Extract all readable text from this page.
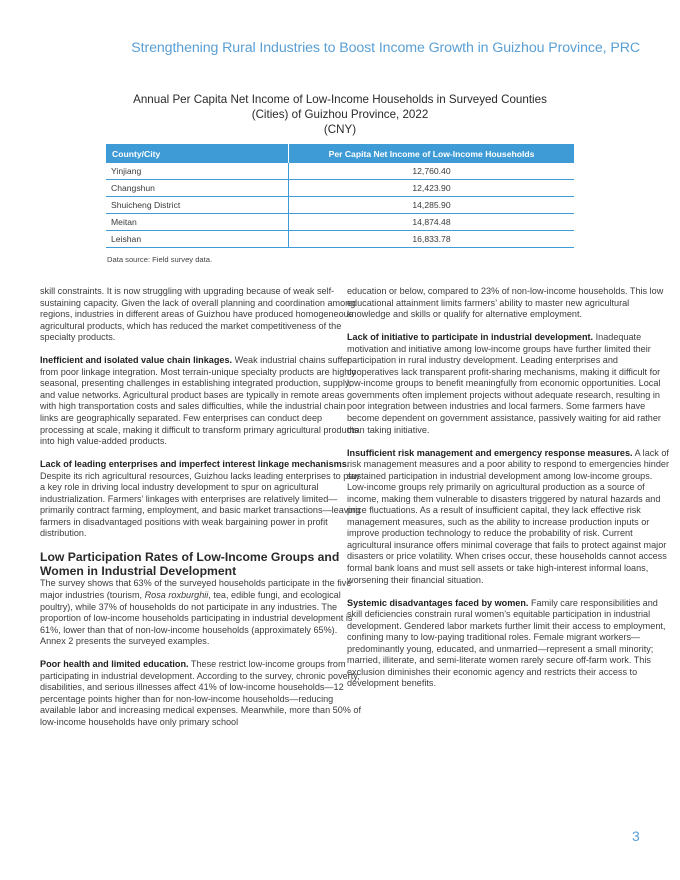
Strengthening Rural Industries to Boost Income Growth in Guizhou Province, PRC
Annual Per Capita Net Income of Low-Income Households in Surveyed Counties
(Cities) of Guizhou Province, 2022
(CNY)
County/City	Per Capita Net Income of Low-Income Households
Yinjiang	12,760.40
Changshun	12,423.90
Shuicheng District	14,285.90
Meitan	14,874.48
Leishan	16,833.78
Data source: Field survey data.

skill constraints. It is now struggling with upgrading because of weak self-sustaining capacity. Given the lack of overall planning and coordination among regions, industries in different areas of Guizhou have produced homogeneous agricultural products, which has reduced the market competitiveness of the specialty products.

Inefficient and isolated value chain linkages. Weak industrial chains suffer from poor linkage integration. Most terrain-unique specialty products are highly seasonal, presenting challenges in establishing integrated production, supply, and value networks. Agricultural product bases are typically in remote areas with high transportation costs and sales difficulties, while the industrial chain links are geographically separated. Few enterprises can conduct deep processing at scale, making it difficult to transform primary agricultural products into high value-added products.

Lack of leading enterprises and imperfect interest linkage mechanisms. Despite its rich agricultural resources, Guizhou lacks leading enterprises to play a key role in driving local industry development to spur on agricultural industrialization. Farmers’ linkages with enterprises are relatively limited—primarily contract farming, employment, and basic market transactions—leaving farmers in disadvantaged positions with weak bargaining power in profit distribution.

Low Participation Rates of Low-Income Groups and Women in Industrial Development

The survey shows that 63% of the surveyed households participate in the five major industries (tourism, Rosa roxburghii, tea, edible fungi, and ecological poultry), while 37% of households do not participate in any industries. The proportion of low-income households participating in industrial development is 61%, lower than that of non-low-income households (approximately 65%). Annex 2 presents the surveyed examples.

Poor health and limited education. These restrict low-income groups from participating in industrial development. According to the survey, chronic poverty, disabilities, and serious illnesses affect 41% of low-income households—12 percentage points higher than for non-low-income households—reducing available labor and increasing medical expenses. Meanwhile, more than 50% of low-income households have only primary school

education or below, compared to 23% of non-low-income households. This low educational attainment limits farmers’ ability to master new agricultural knowledge and skills or qualify for alternative employment.

Lack of initiative to participate in industrial development. Inadequate motivation and initiative among low-income groups have further limited their participation in rural industry development. Leading enterprises and cooperatives lack transparent profit-sharing mechanisms, making it difficult for low-income groups to benefit meaningfully from economic opportunities. Local governments often implement projects without adequate research, resulting in poor integration between industries and local farmers. Some farmers have become dependent on government assistance, passively waiting for aid rather than taking initiative.

Insufficient risk management and emergency response measures. A lack of risk management measures and a poor ability to respond to emergencies hinder sustained participation in industrial development among low-income groups. Low-income groups rely primarily on agricultural production as a source of income, making them vulnerable to disasters triggered by natural hazards and price fluctuations. As a result of insufficient capital, they lack effective risk management measures, such as the ability to increase production inputs or improve production technology to reduce the probability of risk. Current agricultural insurance offers minimal coverage that fails to protect against major disasters or price volatility. When crises occur, these households cannot access formal bank loans and must sell assets or take high-interest informal loans, worsening their financial situation.

Systemic disadvantages faced by women. Family care responsibilities and skill deficiencies constrain rural women’s equitable participation in industrial development. Gendered labor markets further limit their access to employment, confining many to low-paying traditional roles. Female migrant workers—predominantly young, educated, and unmarried—represent a small minority; married, illiterate, and semi-literate women rarely secure off-farm work. This exclusion diminishes their economic agency and restricts their access to development benefits.

3
